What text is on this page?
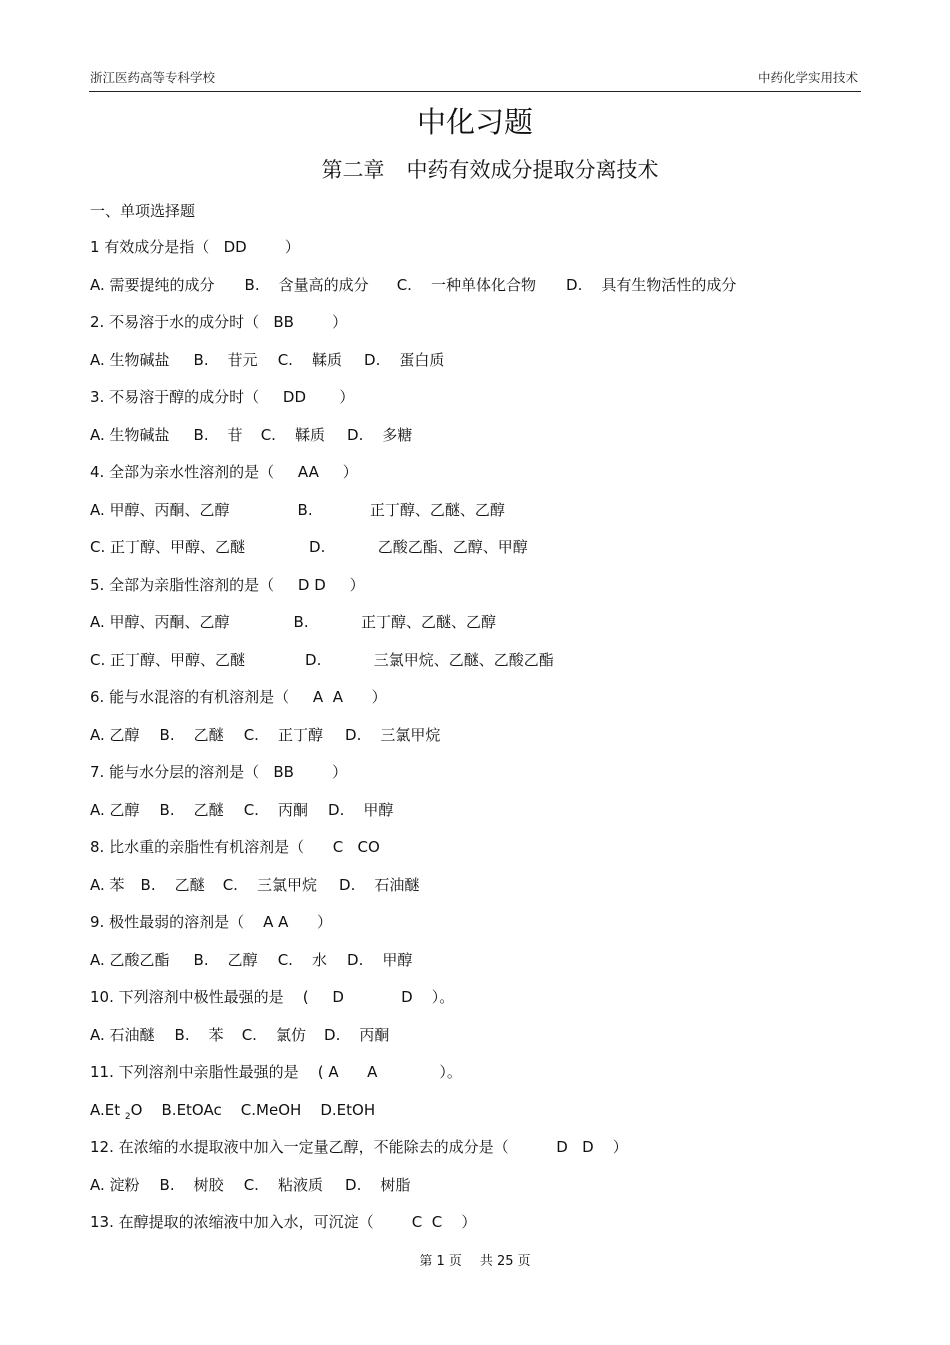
浙江医药高等专科学校	中药化学实用技术
中化习题
第二章 中药有效成分提取分离技术
一、单项选择题
1 有效成分是指（   DD        ）
A. 需要提纯的成分 B.    含量高的成分 C.    一种单体化合物 D.    具有生物活性的成分
2. 不易溶于水的成分时（   BB        ）
A. 生物碱盐 B.    苷元 C.    鞣质 D.    蛋白质
3. 不易溶于醇的成分时（     DD       ）
A. 生物碱盐 B.    苷 C.    鞣质 D.    多糖
4. 全部为亲水性溶剂的是（     AA     ）
A. 甲醇、丙酮、乙醇	B.            正丁醇、乙醚、乙醇
C. 正丁醇、甲醇、乙醚	D.           乙酸乙酯、乙醇、甲醇
5. 全部为亲脂性溶剂的是（     D D     ）
A. 甲醇、丙酮、乙醇	B.           正丁醇、乙醚、乙醇
C. 正丁醇、甲醇、乙醚	D.           三氯甲烷、乙醚、乙酸乙酯
6. 能与水混溶的有机溶剂是（     A  A      ）
A. 乙醇 B.    乙醚 C.    正丁醇 D.    三氯甲烷
7. 能与水分层的溶剂是（   BB        ）
A. 乙醇 B.    乙醚 C.    丙酮 D.    甲醇
8. 比水重的亲脂性有机溶剂是（      C   CO
A. 苯 B.    乙醚 C.    三氯甲烷 D.    石油醚
9. 极性最弱的溶剂是（    A A      ）
A. 乙酸乙酯 B.    乙醇 C.    水 D.    甲醇
10. 下列溶剂中极性最强的是    (     D            D    ）。
A. 石油醚 B.    苯 C.    氯仿 D.    丙酮
11. 下列溶剂中亲脂性最强的是    ( A      A             ）。
A.Et $_2$O    B.EtOAc    C.MeOH    D.EtOH
12. 在浓缩的水提取液中加入一定量乙醇，不能除去的成分是（          D   D    ）
A. 淀粉 B.    树胶 C.    粘液质 D.    树脂
13. 在醇提取的浓缩液中加入水，可沉淀（        C  C    ）
第 1 页 共 25 页
